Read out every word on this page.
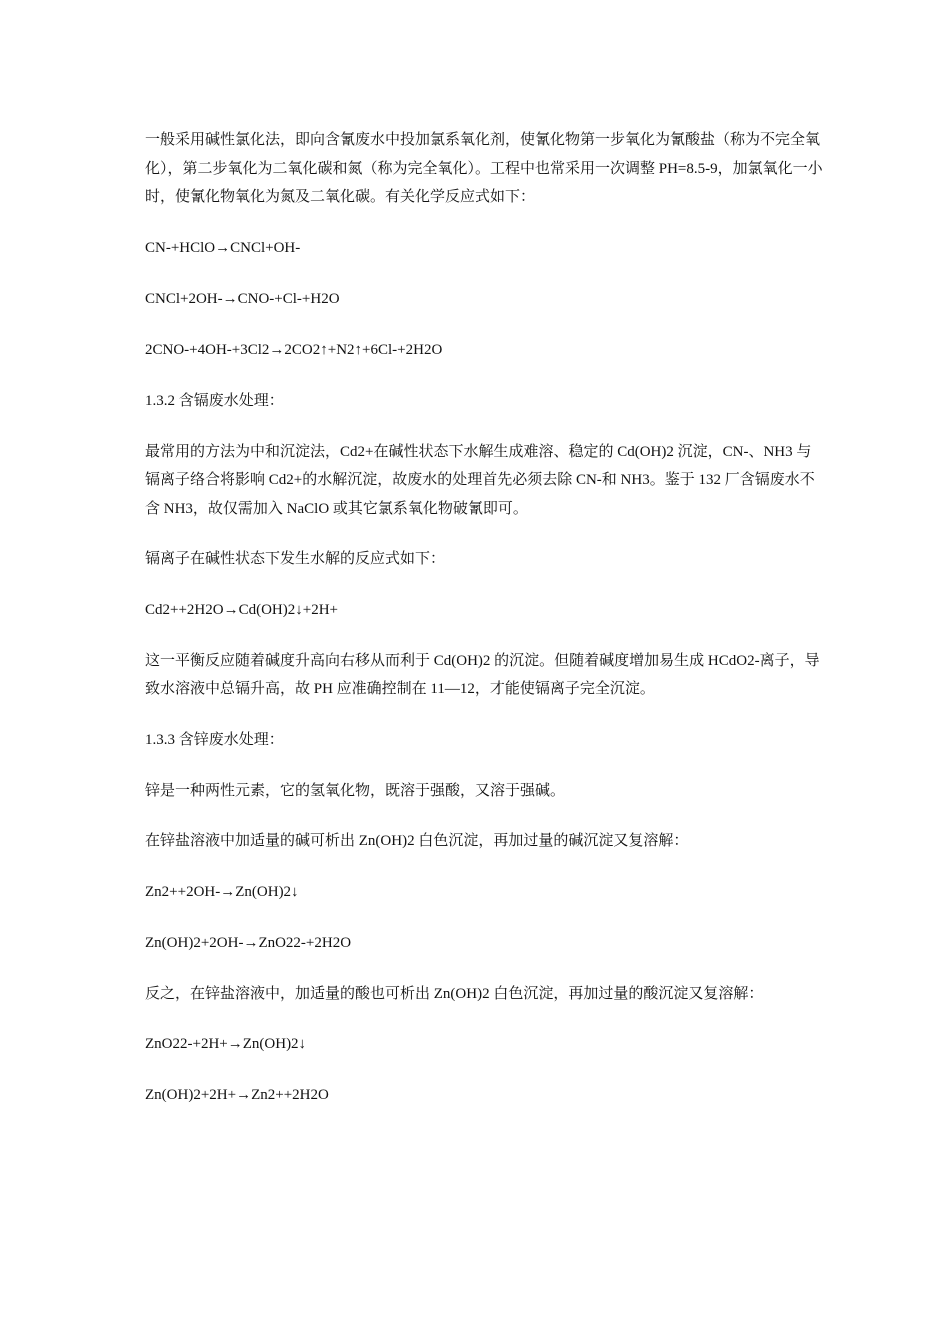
一般采用碱性氯化法，即向含氰废水中投加氯系氧化剂，使氰化物第一步氧化为氰酸盐（称为不完全氧化），第二步氧化为二氧化碳和氮（称为完全氧化）。工程中也常采用一次调整 PH=8.5-9，加氯氧化一小时，使氰化物氧化为氮及二氧化碳。有关化学反应式如下：

CN-+HClO→CNCl+OH-

CNCl+2OH-→CNO-+Cl-+H2O

2CNO-+4OH-+3Cl2→2CO2↑+N2↑+6Cl-+2H2O

1.3.2 含镉废水处理：

最常用的方法为中和沉淀法，Cd2+在碱性状态下水解生成难溶、稳定的 Cd(OH)2 沉淀，CN-、NH3 与镉离子络合将影响 Cd2+的水解沉淀，故废水的处理首先必须去除 CN-和 NH3。鉴于 132 厂含镉废水不含 NH3，故仅需加入 NaClO 或其它氯系氧化物破氰即可。

镉离子在碱性状态下发生水解的反应式如下：

Cd2++2H2O→Cd(OH)2↓+2H+

这一平衡反应随着碱度升高向右移从而利于 Cd(OH)2 的沉淀。但随着碱度增加易生成 HCdO2-离子，导致水溶液中总镉升高，故 PH 应准确控制在 11—12，才能使镉离子完全沉淀。

1.3.3 含锌废水处理：

锌是一种两性元素，它的氢氧化物，既溶于强酸，又溶于强碱。

在锌盐溶液中加适量的碱可析出 Zn(OH)2 白色沉淀，再加过量的碱沉淀又复溶解：

Zn2++2OH-→Zn(OH)2↓

Zn(OH)2+2OH-→ZnO22-+2H2O

反之，在锌盐溶液中，加适量的酸也可析出 Zn(OH)2 白色沉淀，再加过量的酸沉淀又复溶解：

ZnO22-+2H+→Zn(OH)2↓

Zn(OH)2+2H+→Zn2++2H2O
